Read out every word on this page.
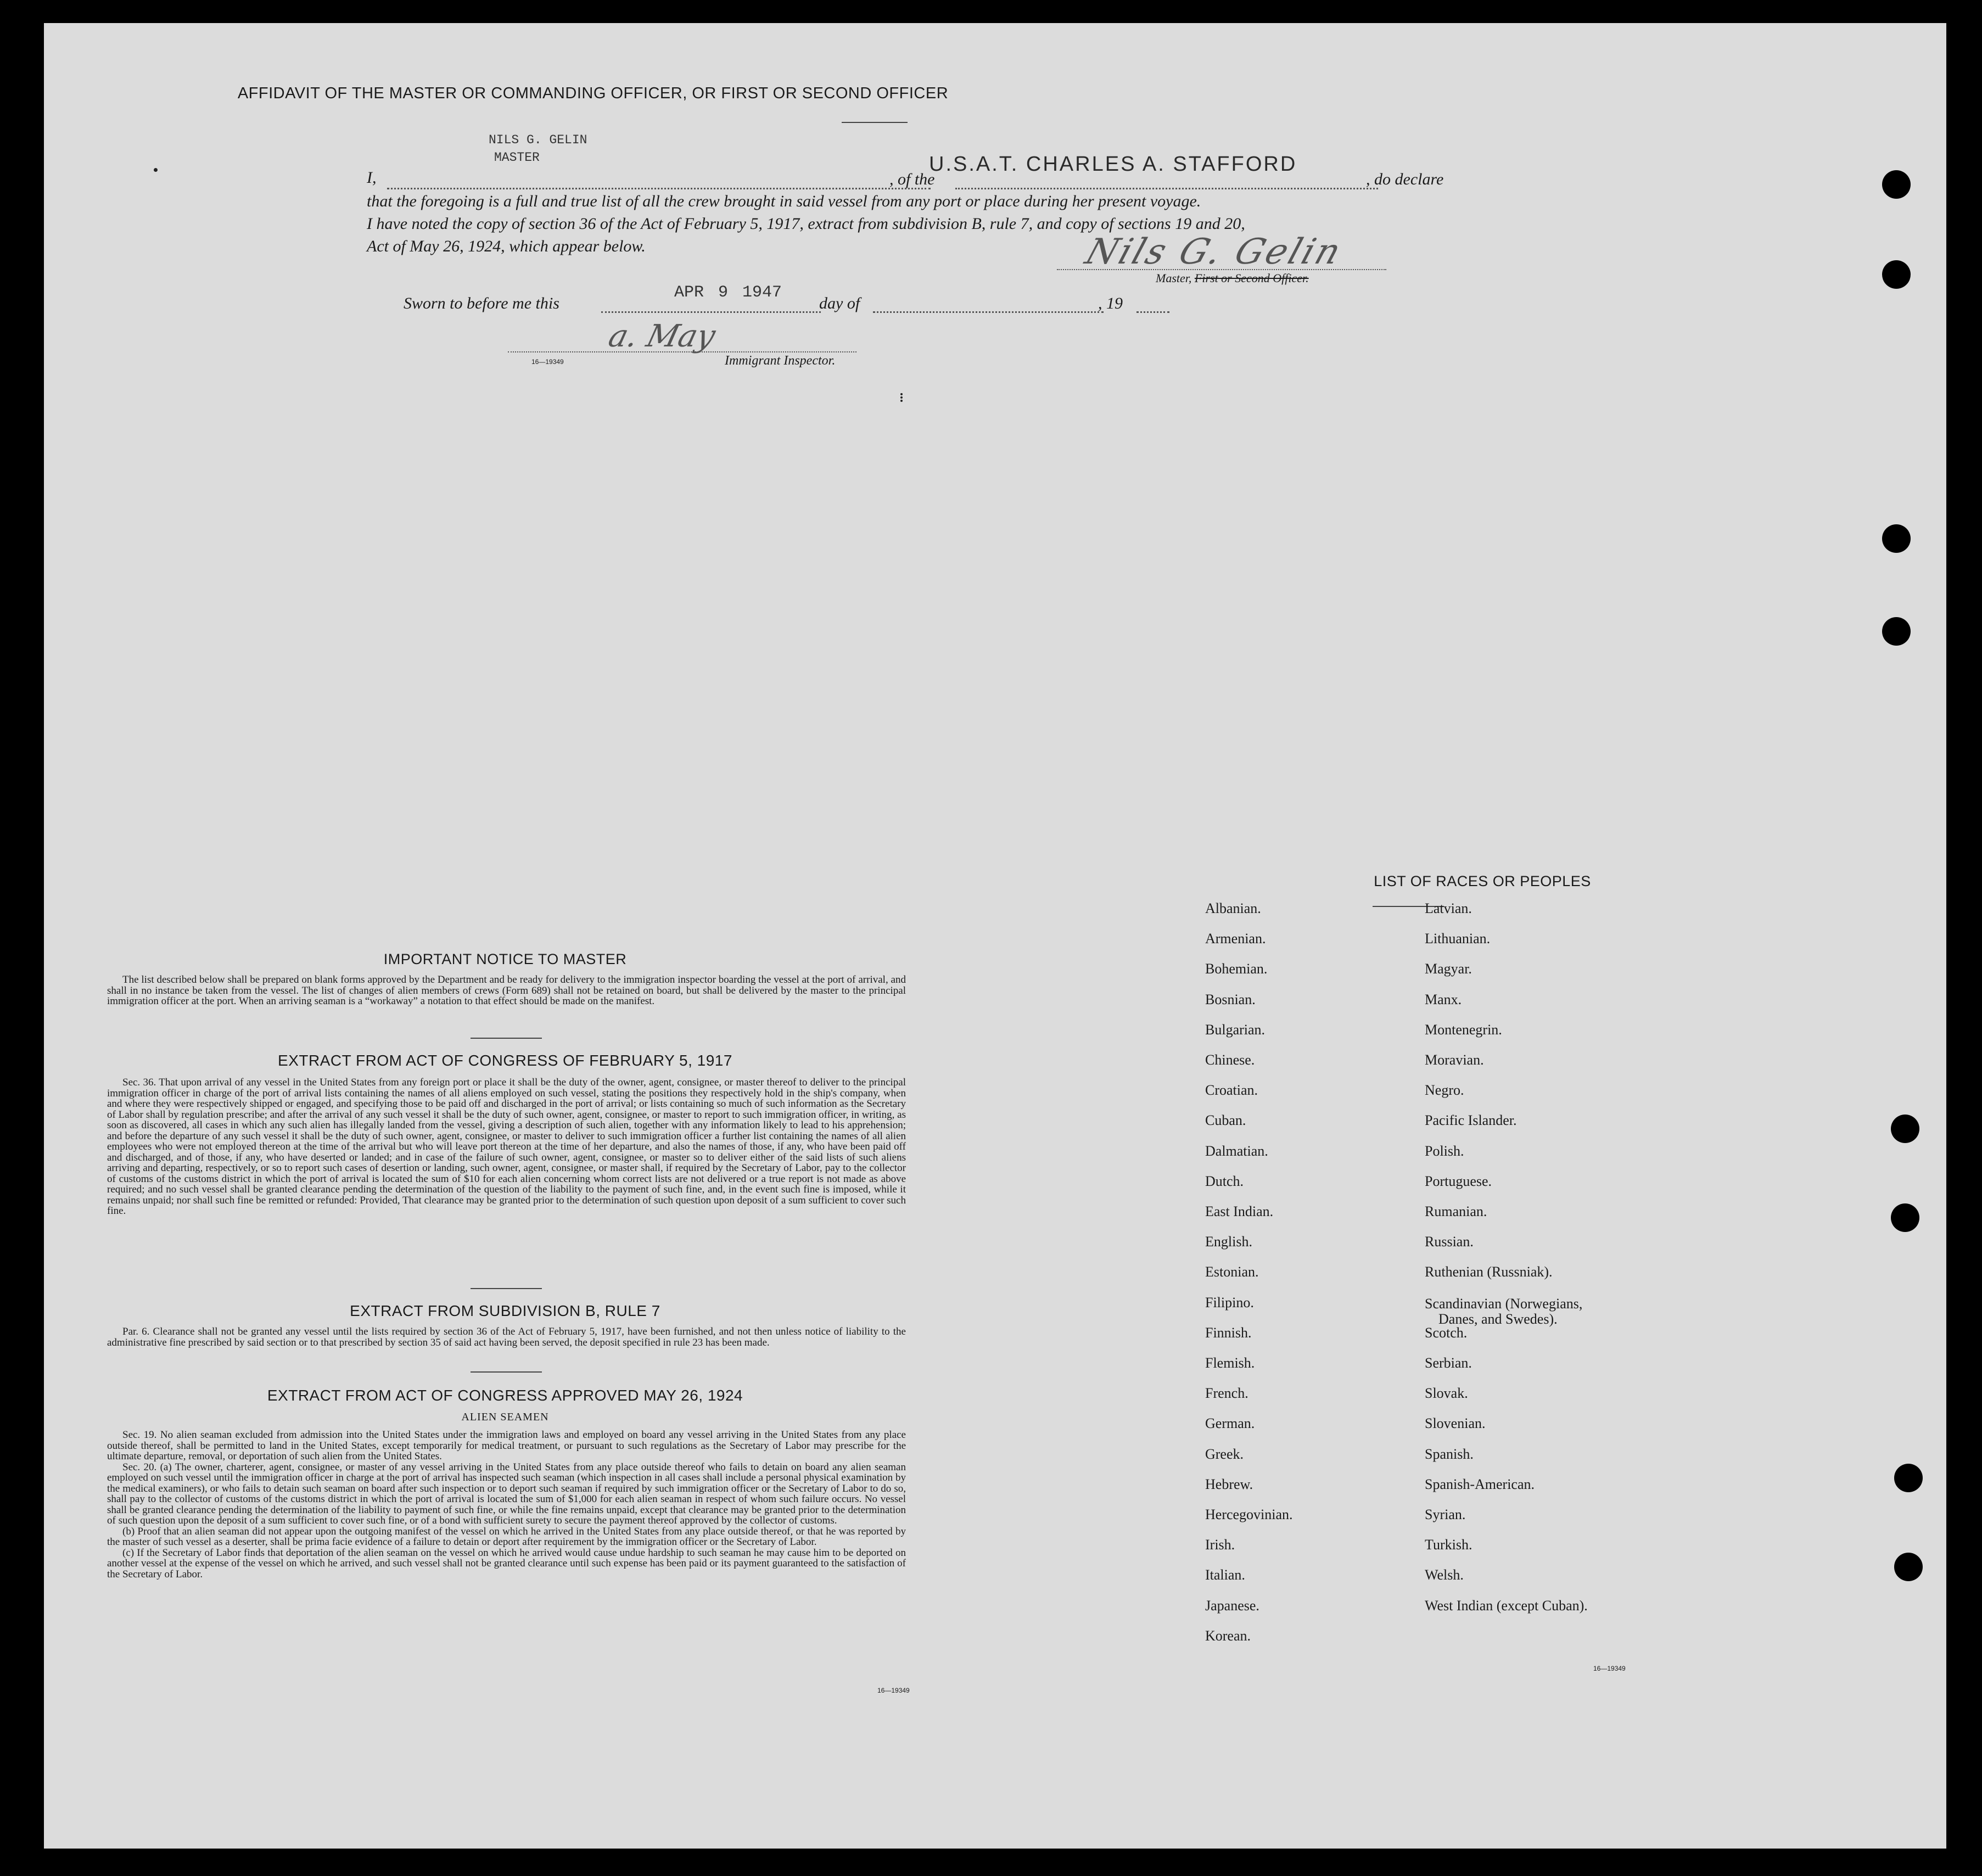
AFFIDAVIT OF THE MASTER OR COMMANDING OFFICER, OR FIRST OR SECOND OFFICER
I,
NILS G. GELIN
MASTER
, of the
U.S.A.T. CHARLES A. STAFFORD
, do declare
that the foregoing is a full and true list of all the crew brought in said vessel from any port or place during her present voyage.
I have noted the copy of section 36 of the Act of February 5, 1917, extract from subdivision B, rule 7, and copy of sections 19 and 20,
Act of May 26, 1924, which appear below.	Nils G. Gelin
Master, First or Second Officer.
Sworn to before me this
APR 9 1947
day of	, 19
a. May
16—19349	Immigrant Inspector.
IMPORTANT NOTICE TO MASTER

The list described below shall be prepared on blank forms approved by the Department and be ready for delivery to the immigration inspector boarding the vessel at the port of arrival, and shall in no instance be taken from the vessel. The list of changes of alien members of crews (Form 689) shall not be retained on board, but shall be delivered by the master to the principal immigration officer at the port. When an arriving seaman is a “workaway” a notation to that effect should be made on the manifest.

EXTRACT FROM ACT OF CONGRESS OF FEBRUARY 5, 1917

Sec. 36. That upon arrival of any vessel in the United States from any foreign port or place it shall be the duty of the owner, agent, consignee, or master thereof to deliver to the principal immigration officer in charge of the port of arrival lists containing the names of all aliens employed on such vessel, stating the positions they respectively hold in the ship's company, when and where they were respectively shipped or engaged, and specifying those to be paid off and discharged in the port of arrival; or lists containing so much of such information as the Secretary of Labor shall by regulation prescribe; and after the arrival of any such vessel it shall be the duty of such owner, agent, consignee, or master to report to such immigration officer, in writing, as soon as discovered, all cases in which any such alien has illegally landed from the vessel, giving a description of such alien, together with any information likely to lead to his apprehension; and before the departure of any such vessel it shall be the duty of such owner, agent, consignee, or master to deliver to such immigration officer a further list containing the names of all alien employees who were not employed thereon at the time of the arrival but who will leave port thereon at the time of her departure, and also the names of those, if any, who have been paid off and discharged, and of those, if any, who have deserted or landed; and in case of the failure of such owner, agent, consignee, or master so to deliver either of the said lists of such aliens arriving and departing, respectively, or so to report such cases of desertion or landing, such owner, agent, consignee, or master shall, if required by the Secretary of Labor, pay to the collector of customs of the customs district in which the port of arrival is located the sum of $10 for each alien concerning whom correct lists are not delivered or a true report is not made as above required; and no such vessel shall be granted clearance pending the determination of the question of the liability to the payment of such fine, and, in the event such fine is imposed, while it remains unpaid; nor shall such fine be remitted or refunded: Provided, That clearance may be granted prior to the determination of such question upon deposit of a sum sufficient to cover such fine.

EXTRACT FROM SUBDIVISION B, RULE 7

Par. 6. Clearance shall not be granted any vessel until the lists required by section 36 of the Act of February 5, 1917, have been furnished, and not then unless notice of liability to the administrative fine prescribed by said section or to that prescribed by section 35 of said act having been served, the deposit specified in rule 23 has been made.

EXTRACT FROM ACT OF CONGRESS APPROVED MAY 26, 1924
ALIEN SEAMEN

Sec. 19. No alien seaman excluded from admission into the United States under the immigration laws and employed on board any vessel arriving in the United States from any place outside thereof, shall be permitted to land in the United States, except temporarily for medical treatment, or pursuant to such regulations as the Secretary of Labor may prescribe for the ultimate departure, removal, or deportation of such alien from the United States.

Sec. 20. (a) The owner, charterer, agent, consignee, or master of any vessel arriving in the United States from any place outside thereof who fails to detain on board any alien seaman employed on such vessel until the immigration officer in charge at the port of arrival has inspected such seaman (which inspection in all cases shall include a personal physical examination by the medical examiners), or who fails to detain such seaman on board after such inspection or to deport such seaman if required by such immigration officer or the Secretary of Labor to do so, shall pay to the collector of customs of the customs district in which the port of arrival is located the sum of $1,000 for each alien seaman in respect of whom such failure occurs. No vessel shall be granted clearance pending the determination of the liability to payment of such fine, or while the fine remains unpaid, except that clearance may be granted prior to the determination of such question upon the deposit of a sum sufficient to cover such fine, or of a bond with sufficient surety to secure the payment thereof approved by the collector of customs.

(b) Proof that an alien seaman did not appear upon the outgoing manifest of the vessel on which he arrived in the United States from any place outside thereof, or that he was reported by the master of such vessel as a deserter, shall be prima facie evidence of a failure to detain or deport after requirement by the immigration officer or the Secretary of Labor.

(c) If the Secretary of Labor finds that deportation of the alien seaman on the vessel on which he arrived would cause undue hardship to such seaman he may cause him to be deported on another vessel at the expense of the vessel on which he arrived, and such vessel shall not be granted clearance until such expense has been paid or its payment guaranteed to the satisfaction of the Secretary of Labor.

16—19349
LIST OF RACES OR PEOPLES
Albanian.
Armenian.
Bohemian.
Bosnian.
Bulgarian.
Chinese.
Croatian.
Cuban.
Dalmatian.
Dutch.
East Indian.
English.
Estonian.
Filipino.
Finnish.
Flemish.
French.
German.
Greek.
Hebrew.
Hercegovinian.
Irish.
Italian.
Japanese.
Korean.
Latvian.
Lithuanian.
Magyar.
Manx.
Montenegrin.
Moravian.
Negro.
Pacific Islander.
Polish.
Portuguese.
Rumanian.
Russian.
Ruthenian (Russniak).
Scandinavian (Norwegians,
Danes, and Swedes).
Scotch.
Serbian.
Slovak.
Slovenian.
Spanish.
Spanish-American.
Syrian.
Turkish.
Welsh.
West Indian (except Cuban).
16—19349
